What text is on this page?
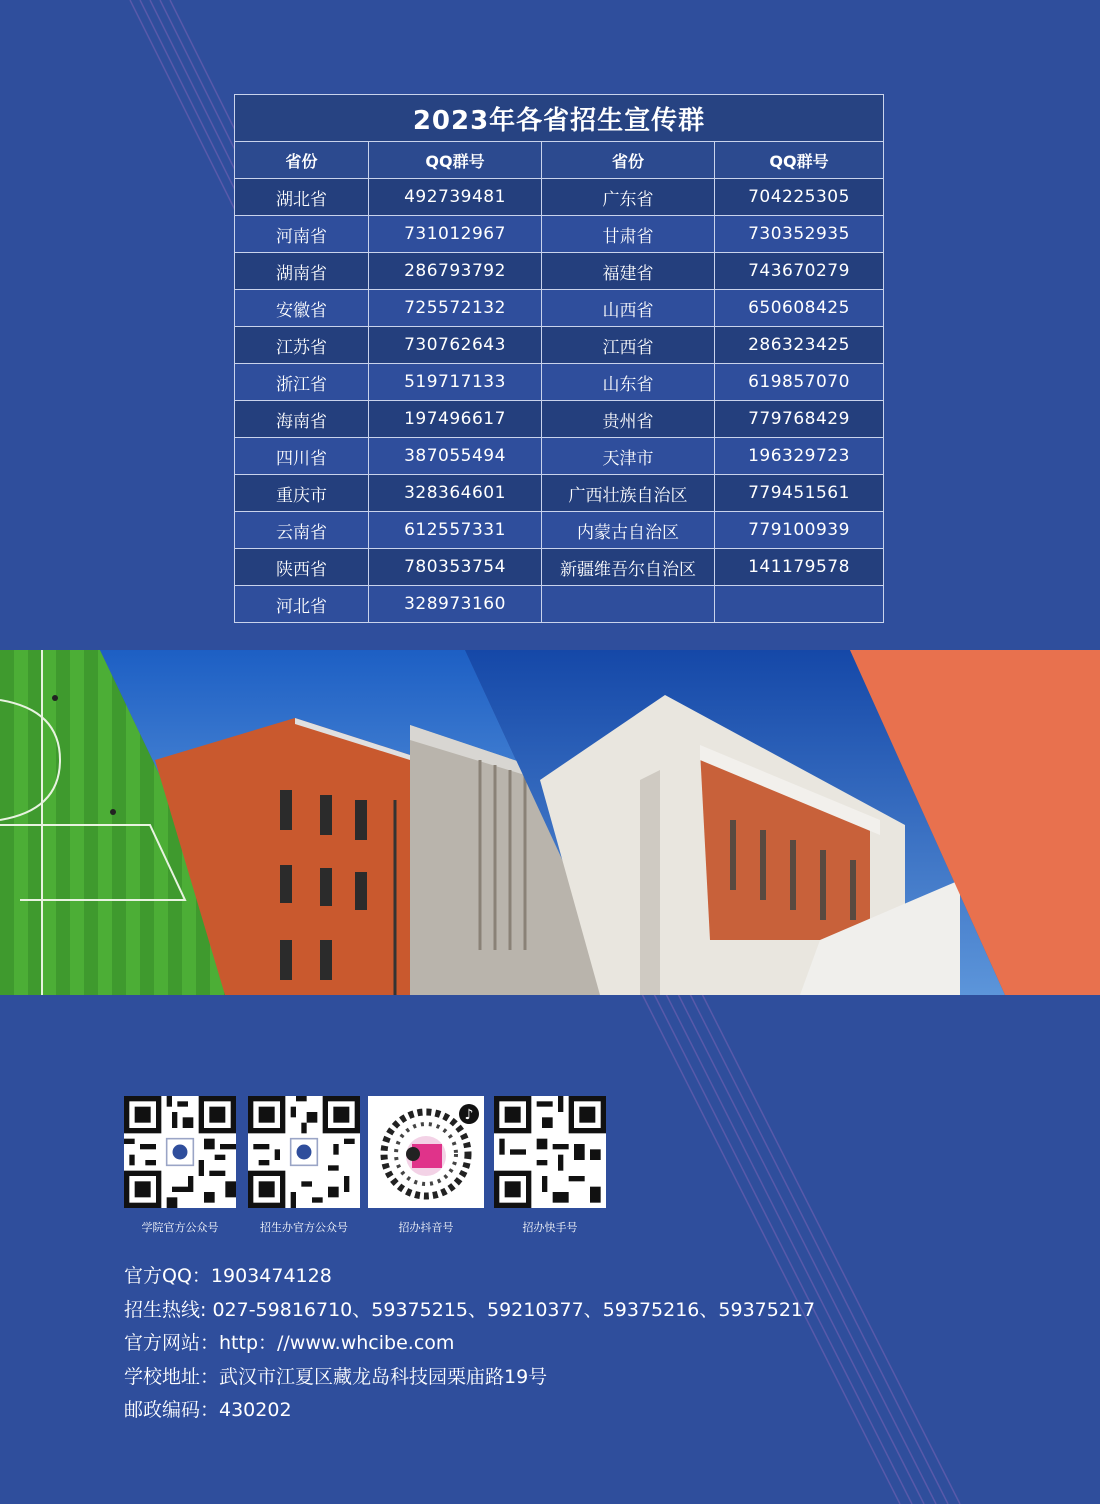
2023年各省招生宣传群			
省份	QQ群号	省份	QQ群号
湖北省	492739481	广东省	704225305
河南省	731012967	甘肃省	730352935
湖南省	286793792	福建省	743670279
安徽省	725572132	山西省	650608425
江苏省	730762643	江西省	286323425
浙江省	519717133	山东省	619857070
海南省	197496617	贵州省	779768429
四川省	387055494	天津市	196329723
重庆市	328364601	广西壮族自治区	779451561
云南省	612557331	内蒙古自治区	779100939
陕西省	780353754	新疆维吾尔自治区	141179578
河北省	328973160		
学院官方公众号	招生办官方公众号
♪
招办抖音号	招办快手号
官方QQ：1903474128
招生热线: 027-59816710、59375215、59210377、59375216、59375217
官方网站：http：//www.whcibe.com
学校地址：武汉市江夏区藏龙岛科技园栗庙路19号
邮政编码：430202
